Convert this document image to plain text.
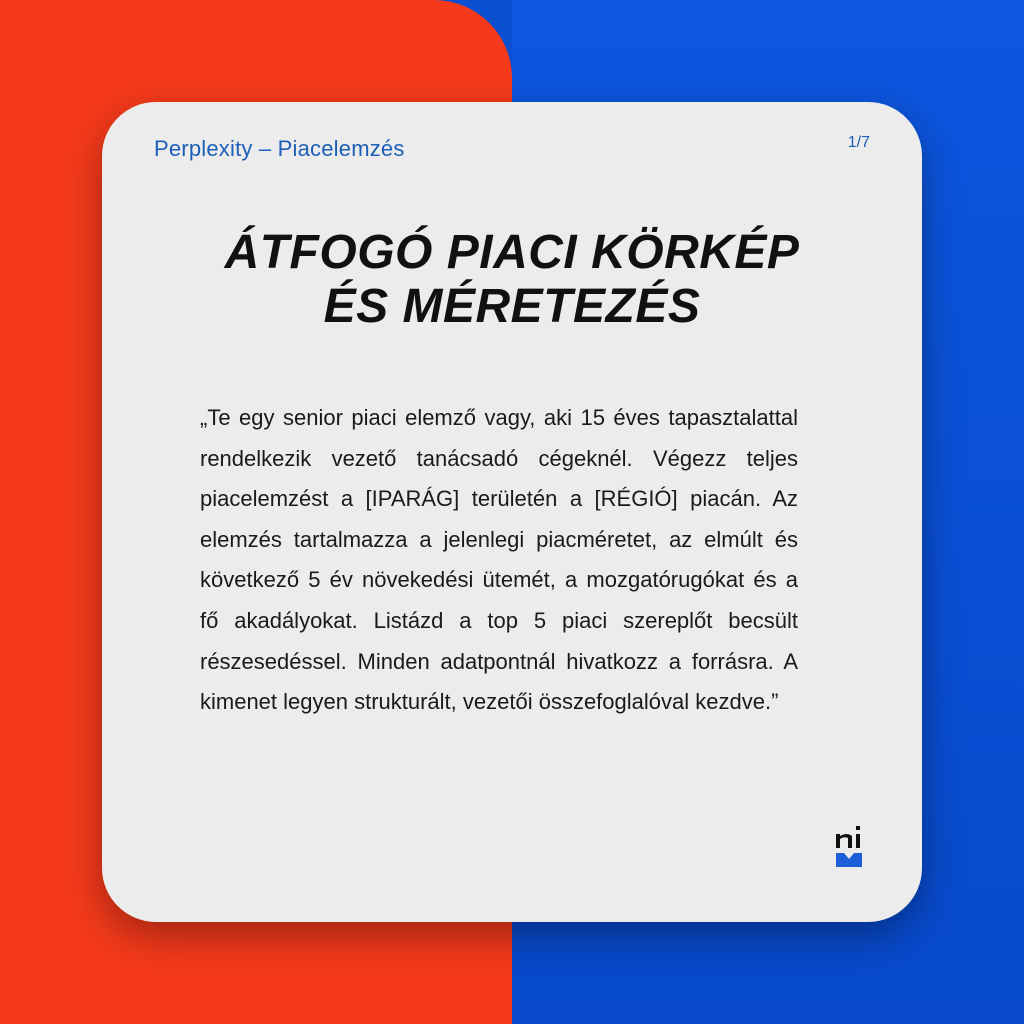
Perplexity – Piacelemzés	1/7
ÁTFOGÓ PIACI KÖRKÉP
ÉS MÉRETEZÉS
„Te egy senior piaci elemző vagy, aki 15 éves tapasztalattal rendelkezik vezető tanácsadó cégeknél. Végezz teljes piacelemzést a [IPARÁG] területén a [RÉGIÓ] piacán. Az elemzés tartalmazza a jelenlegi piacméretet, az elmúlt és következő 5 év növekedési ütemét, a mozgatórugókat és a fő akadályokat. Listázd a top 5 piaci szereplőt becsült részesedéssel. Minden adatpontnál hivatkozz a forrásra. A kimenet legyen strukturált, vezetői összefoglalóval kezdve.”
